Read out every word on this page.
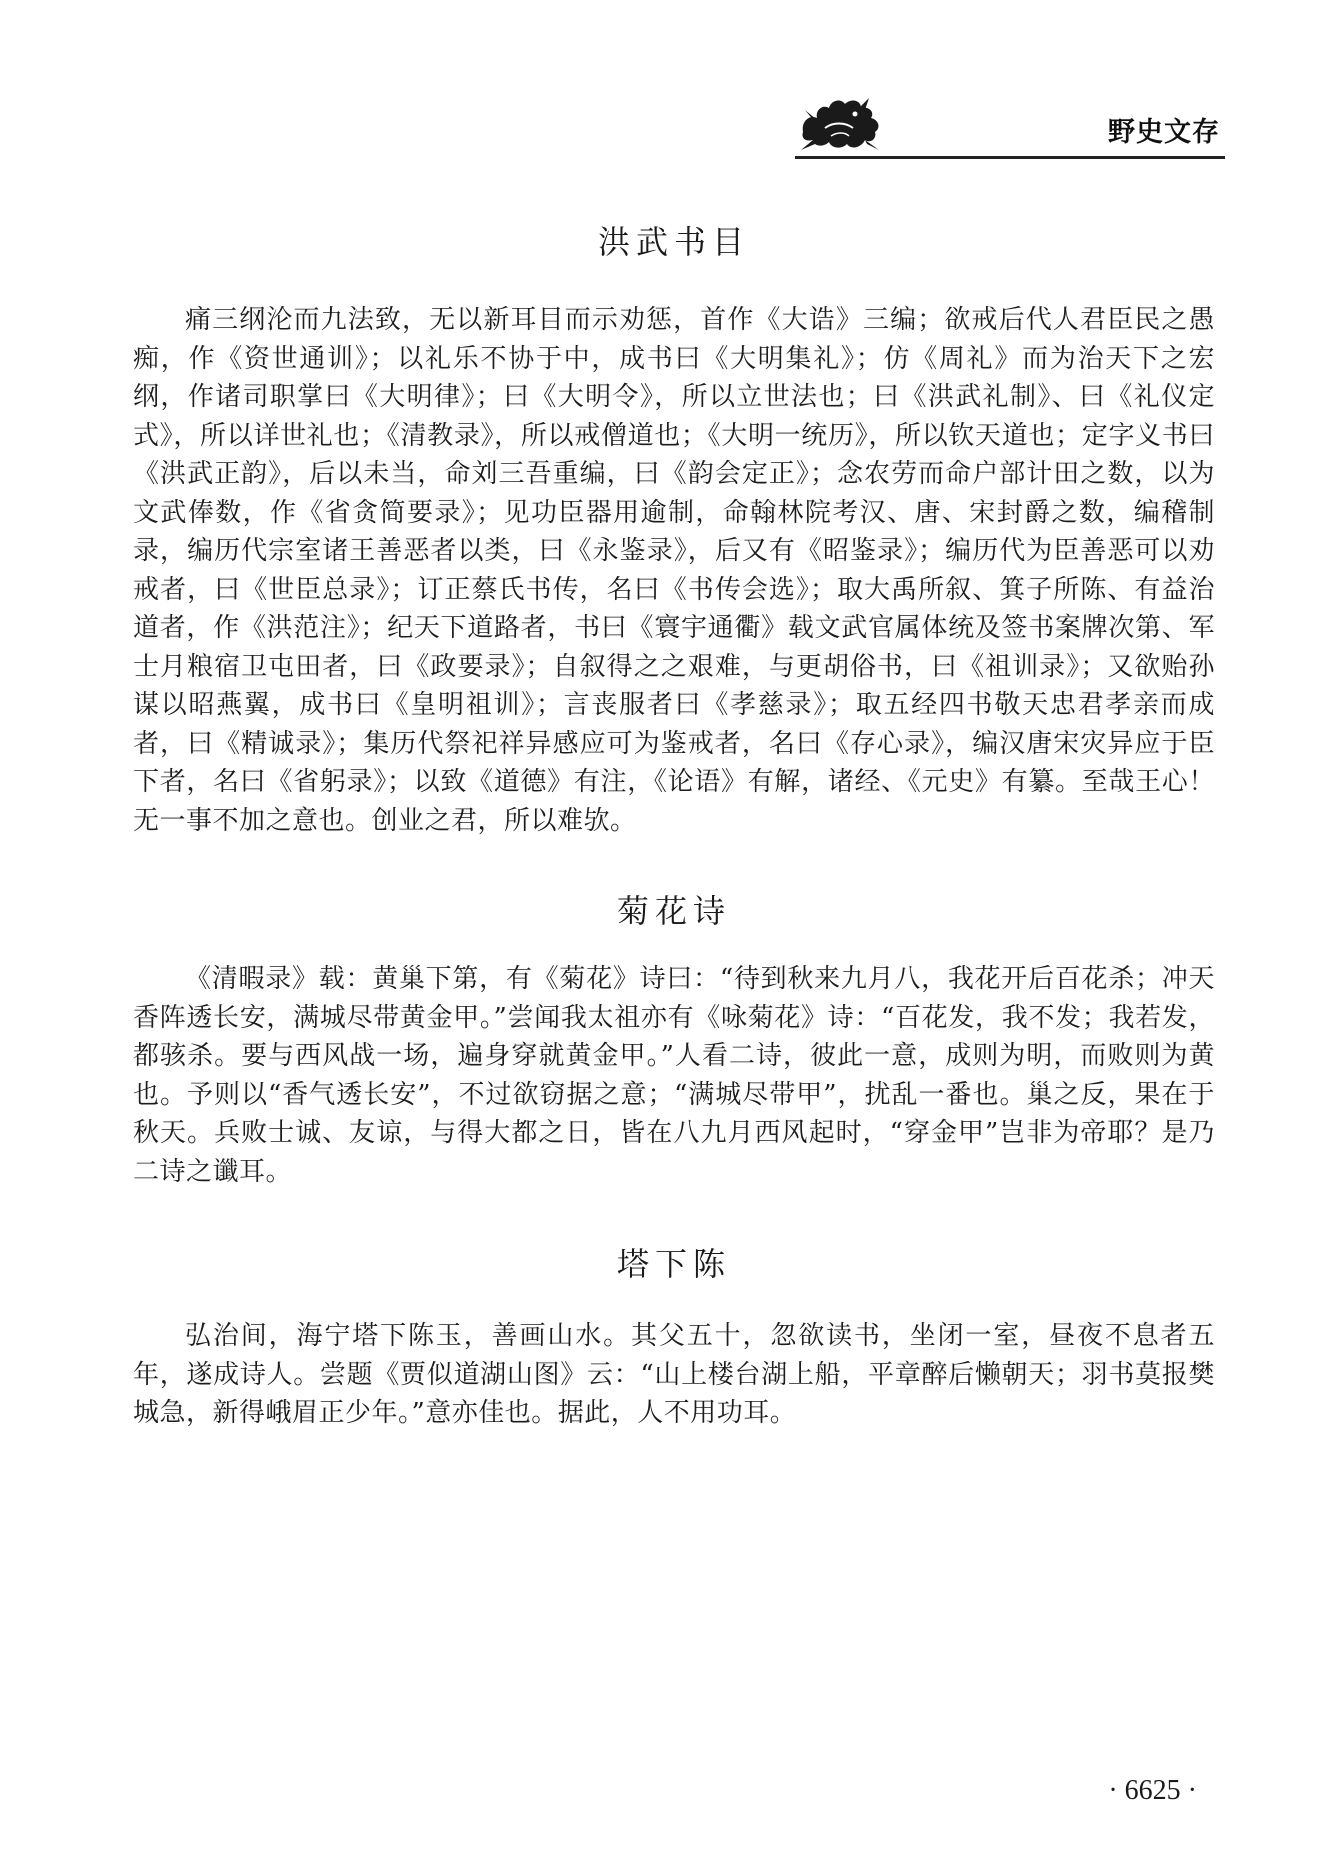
野史文存
洪武书目

痛三纲沦而九法致，无以新耳目而示劝惩，首作《大诰》三编；欲戒后代人君臣民之愚痴，作《资世通训》；以礼乐不协于中，成书曰《大明集礼》；仿《周礼》而为治天下之宏纲，作诸司职掌曰《大明律》；曰《大明令》，所以立世法也；曰《洪武礼制》、曰《礼仪定式》，所以详世礼也；《清教录》，所以戒僧道也；《大明一统历》，所以钦天道也；定字义书曰《洪武正韵》，后以未当，命刘三吾重编，曰《韵会定正》；念农劳而命户部计田之数，以为文武俸数，作《省贪简要录》；见功臣器用逾制，命翰林院考汉、唐、宋封爵之数，编稽制录，编历代宗室诸王善恶者以类，曰《永鉴录》，后又有《昭鉴录》；编历代为臣善恶可以劝戒者，曰《世臣总录》；订正蔡氏书传，名曰《书传会选》；取大禹所叙、箕子所陈、有益治道者，作《洪范注》；纪天下道路者，书曰《寰宇通衢》载文武官属体统及签书案牌次第、军士月粮宿卫屯田者，曰《政要录》；自叙得之之艰难，与更胡俗书，曰《祖训录》；又欲贻孙谋以昭燕翼，成书曰《皇明祖训》；言丧服者曰《孝慈录》；取五经四书敬天忠君孝亲而成者，曰《精诚录》；集历代祭祀祥异感应可为鉴戒者，名曰《存心录》，编汉唐宋灾异应于臣下者，名曰《省躬录》；以致《道德》有注，《论语》有解，诸经、《元史》有纂。至哉王心！无一事不加之意也。创业之君，所以难欤。

菊花诗

《清暇录》载：黄巢下第，有《菊花》诗曰：“待到秋来九月八，我花开后百花杀；冲天香阵透长安，满城尽带黄金甲。”尝闻我太祖亦有《咏菊花》诗：“百花发，我不发；我若发，都骇杀。要与西风战一场，遍身穿就黄金甲。”人看二诗，彼此一意，成则为明，而败则为黄也。予则以“香气透长安”，不过欲窃据之意；“满城尽带甲”，扰乱一番也。巢之反，果在于秋天。兵败士诚、友谅，与得大都之日，皆在八九月西风起时，“穿金甲”岂非为帝耶？是乃二诗之谶耳。

塔下陈

弘治间，海宁塔下陈玉，善画山水。其父五十，忽欲读书，坐闭一室，昼夜不息者五年，遂成诗人。尝题《贾似道湖山图》云：“山上楼台湖上船，平章醉后懒朝天；羽书莫报樊城急，新得峨眉正少年。”意亦佳也。据此，人不用功耳。

· 6625 ·
